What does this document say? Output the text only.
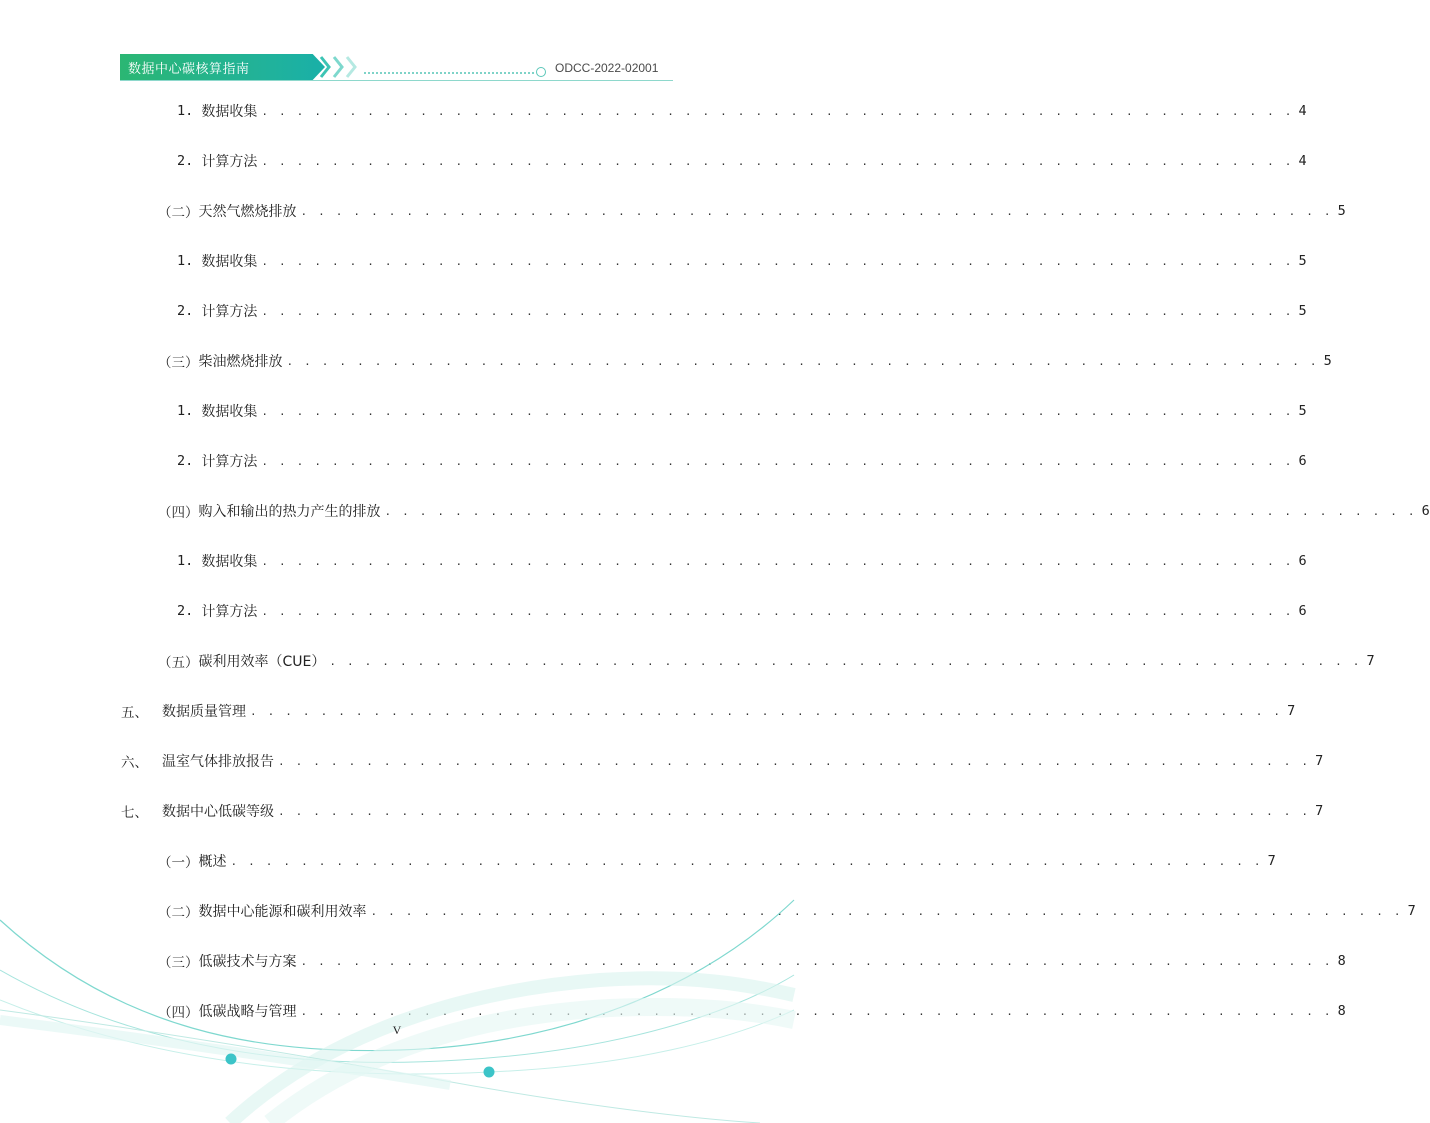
数据中心碳核算指南	ODCC-2022-02001
1. 数据收集 . . . . . . . . . . . . . . . . . . . . . . . . . . . . . . . . . . . . . . . . . . . . . . . . . . . . . . . . . . . 4
2. 计算方法 . . . . . . . . . . . . . . . . . . . . . . . . . . . . . . . . . . . . . . . . . . . . . . . . . . . . . . . . . . . 4
（二） 天然气燃烧排放 . . . . . . . . . . . . . . . . . . . . . . . . . . . . . . . . . . . . . . . . . . . . . . . . . . . . . . . . . . . 5
1. 数据收集 . . . . . . . . . . . . . . . . . . . . . . . . . . . . . . . . . . . . . . . . . . . . . . . . . . . . . . . . . . . 5
2. 计算方法 . . . . . . . . . . . . . . . . . . . . . . . . . . . . . . . . . . . . . . . . . . . . . . . . . . . . . . . . . . . 5
（三） 柴油燃烧排放 . . . . . . . . . . . . . . . . . . . . . . . . . . . . . . . . . . . . . . . . . . . . . . . . . . . . . . . . . . . 5
1. 数据收集 . . . . . . . . . . . . . . . . . . . . . . . . . . . . . . . . . . . . . . . . . . . . . . . . . . . . . . . . . . . 5
2. 计算方法 . . . . . . . . . . . . . . . . . . . . . . . . . . . . . . . . . . . . . . . . . . . . . . . . . . . . . . . . . . . 6
（四） 购入和输出的热力产生的排放 . . . . . . . . . . . . . . . . . . . . . . . . . . . . . . . . . . . . . . . . . . . . . . . . . . . . . . . . . . . 6
1. 数据收集 . . . . . . . . . . . . . . . . . . . . . . . . . . . . . . . . . . . . . . . . . . . . . . . . . . . . . . . . . . . 6
2. 计算方法 . . . . . . . . . . . . . . . . . . . . . . . . . . . . . . . . . . . . . . . . . . . . . . . . . . . . . . . . . . . 6
（五） 碳利用效率（CUE） . . . . . . . . . . . . . . . . . . . . . . . . . . . . . . . . . . . . . . . . . . . . . . . . . . . . . . . . . . . 7
五、 数据质量管理 . . . . . . . . . . . . . . . . . . . . . . . . . . . . . . . . . . . . . . . . . . . . . . . . . . . . . . . . . . . 7
六、 温室气体排放报告 . . . . . . . . . . . . . . . . . . . . . . . . . . . . . . . . . . . . . . . . . . . . . . . . . . . . . . . . . . . 7
七、 数据中心低碳等级 . . . . . . . . . . . . . . . . . . . . . . . . . . . . . . . . . . . . . . . . . . . . . . . . . . . . . . . . . . . 7
（一） 概述 . . . . . . . . . . . . . . . . . . . . . . . . . . . . . . . . . . . . . . . . . . . . . . . . . . . . . . . . . . . 7
（二） 数据中心能源和碳利用效率 . . . . . . . . . . . . . . . . . . . . . . . . . . . . . . . . . . . . . . . . . . . . . . . . . . . . . . . . . . . 7
（三） 低碳技术与方案 . . . . . . . . . . . . . . . . . . . . . . . . . . . . . . . . . . . . . . . . . . . . . . . . . . . . . . . . . . . 8
（四） 低碳战略与管理 . . . . . . . . . . . . . . . . . . . . . . . . . . . . . . . . . . . . . . . . . . . . . . . . . . . . . . . . . . . 8
V
